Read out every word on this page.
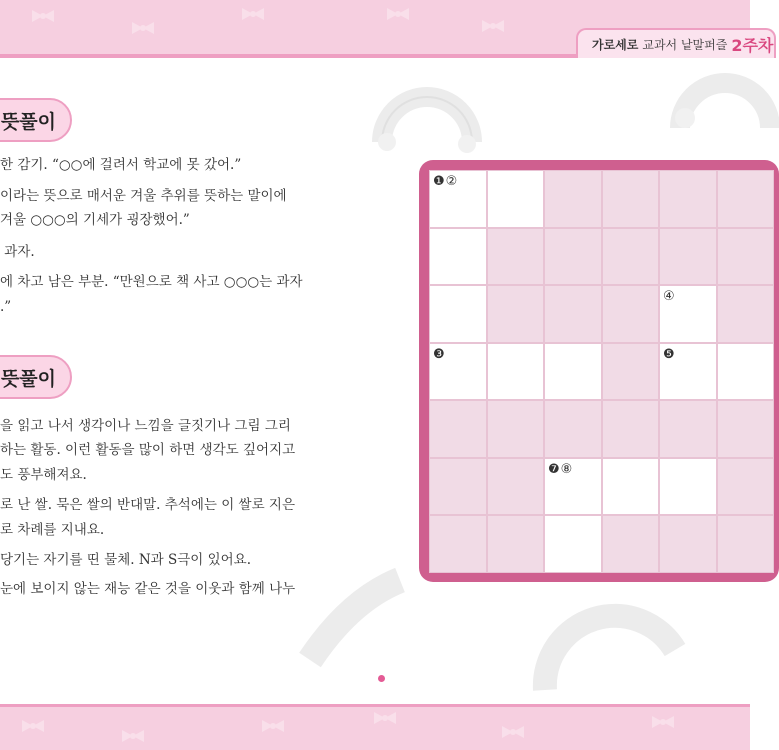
가로세로 교과서 낱말퍼즐 2주차
뜻풀이
한 감기. “○○에 걸려서 학교에 못 갔어.”
이라는 뜻으로 매서운 겨울 추위를 뜻하는 말이에
겨울 ○○○의 기세가 굉장했어.”
과자.
에 차고 남은 부분. “만원으로 책 사고 ○○○는 과자
.”
뜻풀이
을 읽고 나서 생각이나 느낌을 글짓기나 그림 그리
하는 활동. 이런 활동을 많이 하면 생각도 깊어지고
도 풍부해져요.
로 난 쌀. 묵은 쌀의 반대말. 추석에는 이 쌀로 지은
로 차례를 지내요.
당기는 자기를 띤 물체. N과 S극이 있어요.
눈에 보이지 않는 재능 같은 것을 이웃과 함께 나누
❶②
④
❸	❺
❼⑧
